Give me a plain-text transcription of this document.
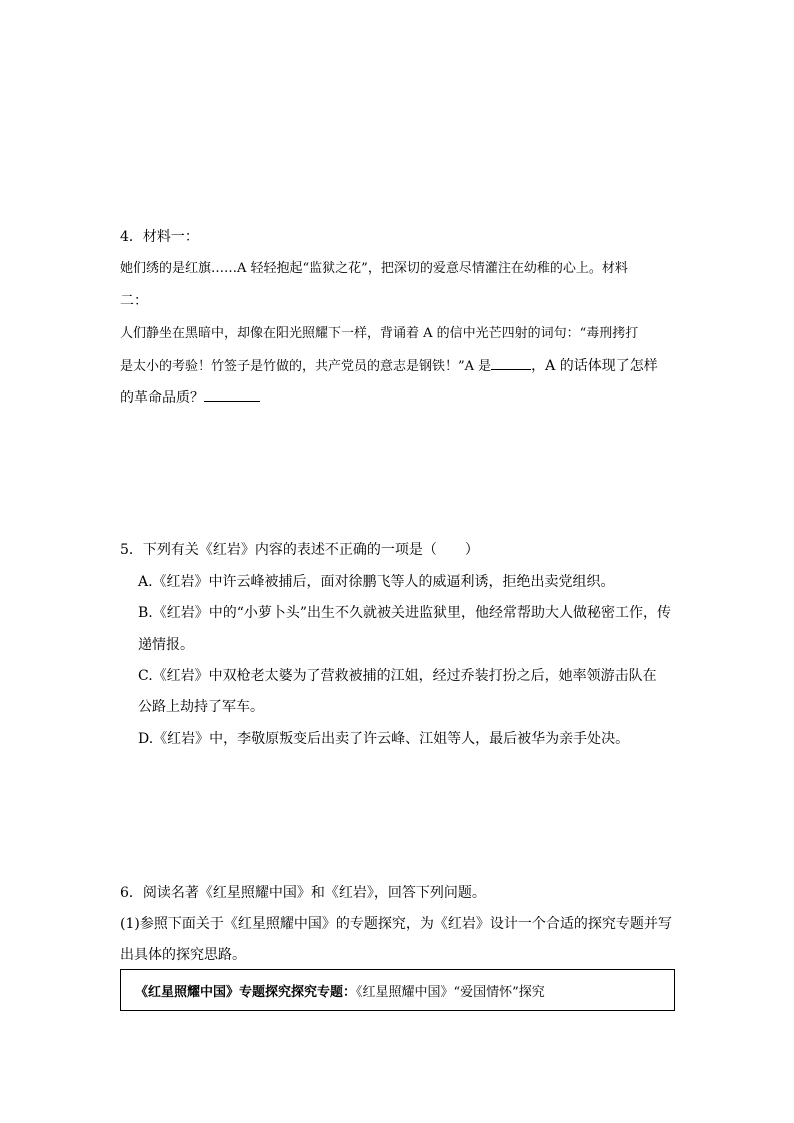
4．材料一：
她们绣的是红旗……A 轻轻抱起“监狱之花”，把深切的爱意尽情灌注在幼稚的心上。材料
二：
人们静坐在黑暗中，却像在阳光照耀下一样，背诵着 A 的信中光芒四射的词句：“毒刑拷打
是太小的考验！竹签子是竹做的，共产党员的意志是钢铁！”A 是	，A 的话体现了怎样
的革命品质？
5．下列有关《红岩》内容的表述不正确的一项是（　　）
A.《红岩》中许云峰被捕后，面对徐鹏飞等人的威逼利诱，拒绝出卖党组织。
B.《红岩》中的“小萝卜头”出生不久就被关进监狱里，他经常帮助大人做秘密工作，传
递情报。
C.《红岩》中双枪老太婆为了营救被捕的江姐，经过乔装打扮之后，她率领游击队在
公路上劫持了军车。
D.《红岩》中，李敬原叛变后出卖了许云峰、江姐等人，最后被华为亲手处决。
6．阅读名著《红星照耀中国》和《红岩》，回答下列问题。
(1)参照下面关于《红星照耀中国》的专题探究，为《红岩》设计一个合适的探究专题并写
出具体的探究思路。
《红星照耀中国》专题探究探究专题：《红星照耀中国》“爱国情怀”探究
